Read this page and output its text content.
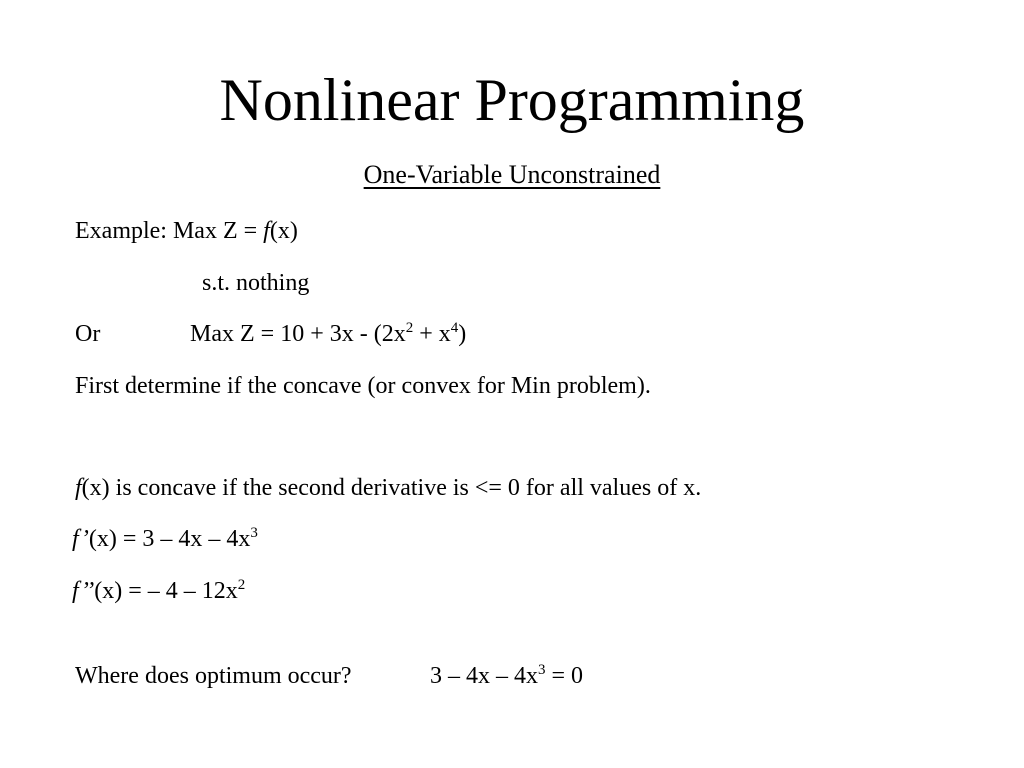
Nonlinear Programming
One-Variable Unconstrained
Example: Max Z = f(x)
s.t. nothing
Or	Max $Z = 10 + 3x - (2x^2 + x^4)$
First determine if the concave (or convex for Min problem).
f(x) is concave if the second derivative is <= 0 for all values of x.
f’(x) = $3 - 4x - 4x^3$
f’’(x) = – $4 - 12x^2$
Where does optimum occur?	$3 - 4x - 4x^3 = 0$
